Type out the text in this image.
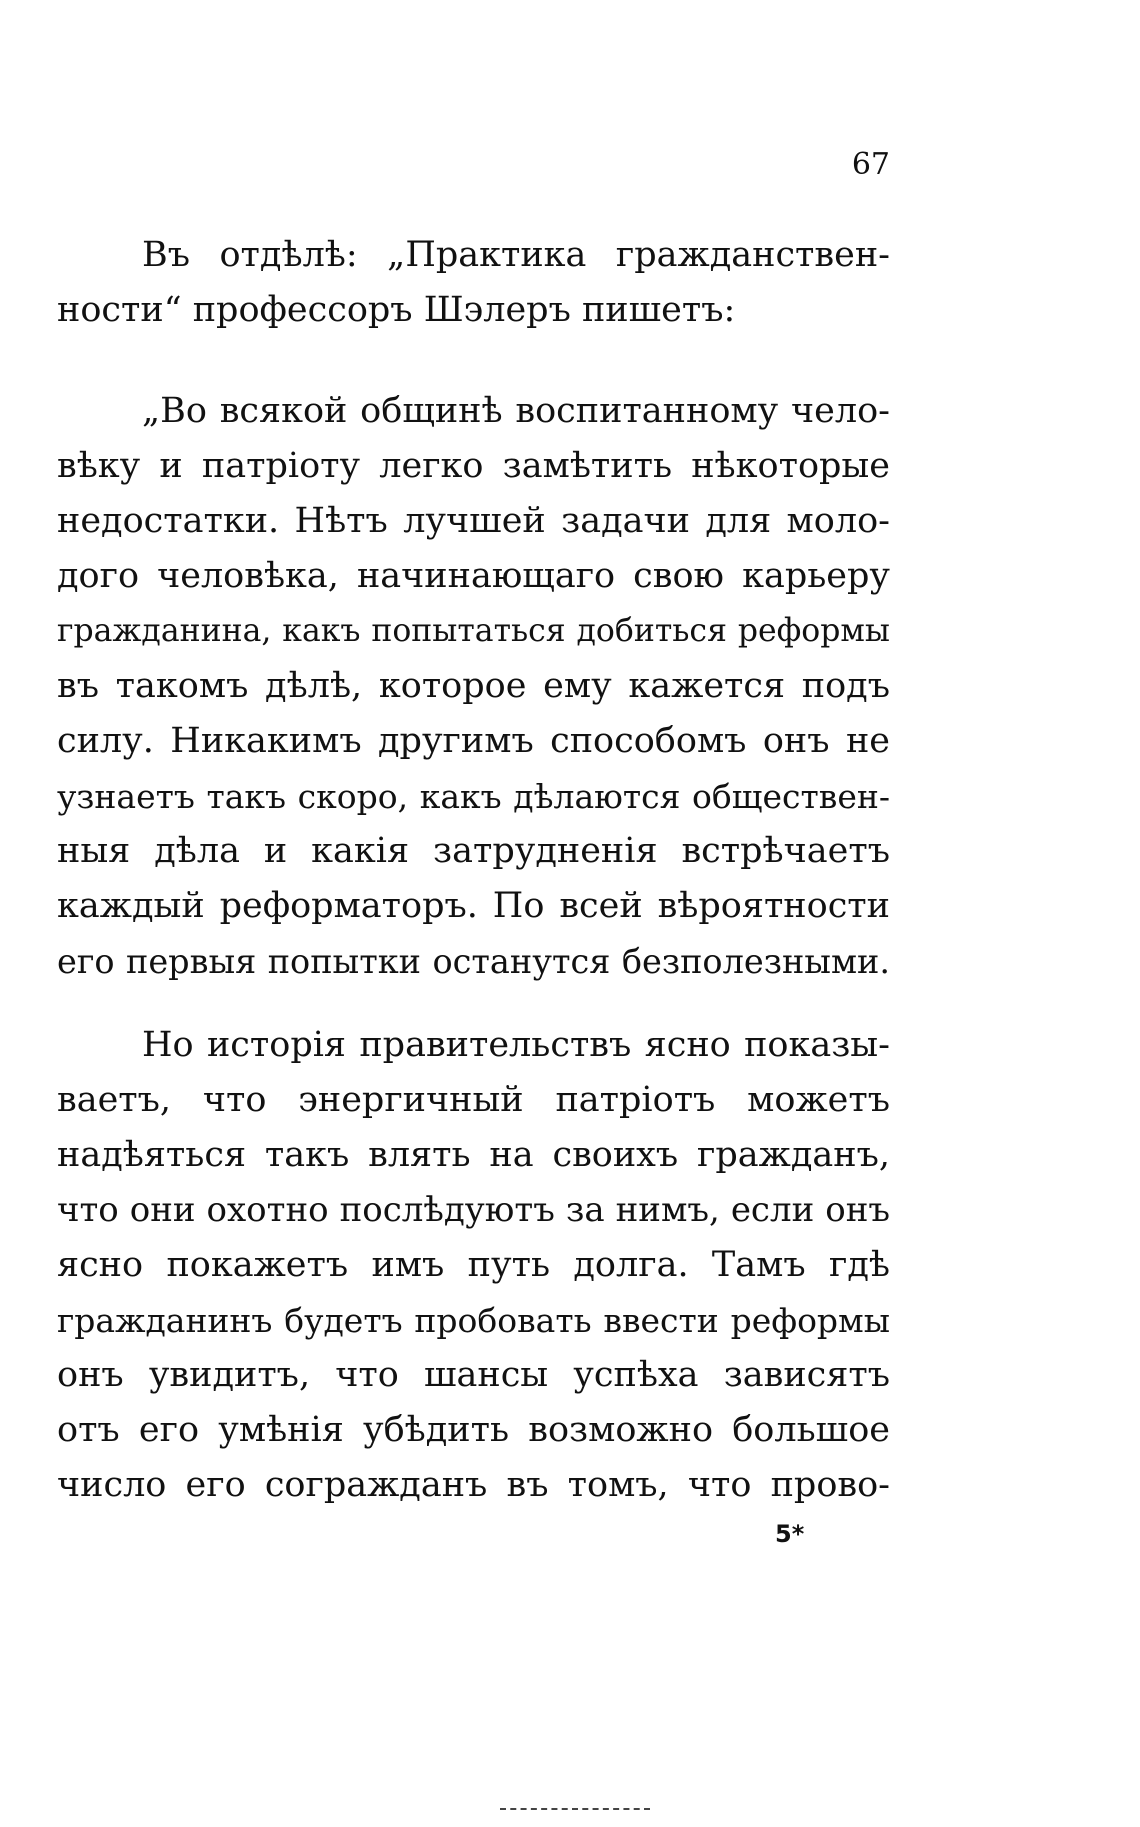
67
Въ отдѣлѣ: „Практика гражданствен-
ности“ профессоръ Шэлеръ пишетъ:
„Во всякой общинѣ воспитанному чело-
вѣку и патріоту легко замѣтить нѣкоторые
недостатки. Нѣтъ лучшей задачи для моло-
дого человѣка, начинающаго свою карьеру
гражданина, какъ попытаться добиться реформы
въ такомъ дѣлѣ, которое ему кажется подъ
силу. Никакимъ другимъ способомъ онъ не
узнаетъ такъ скоро, какъ дѣлаются обществен-
ныя дѣла и какія затрудненія встрѣчаетъ
каждый реформаторъ. По всей вѣроятности
его первыя попытки останутся безполезными.
Но исторія правительствъ ясно показы-
ваетъ, что энергичный патріотъ можетъ
надѣяться такъ влять на своихъ гражданъ,
что они охотно послѣдуютъ за нимъ, если онъ
ясно покажетъ имъ путь долга. Тамъ гдѣ
гражданинъ будетъ пробовать ввести реформы
онъ увидитъ, что шансы успѣха зависятъ
отъ его умѣнія убѣдить возможно большое
число его согражданъ въ томъ, что прово-
5*
